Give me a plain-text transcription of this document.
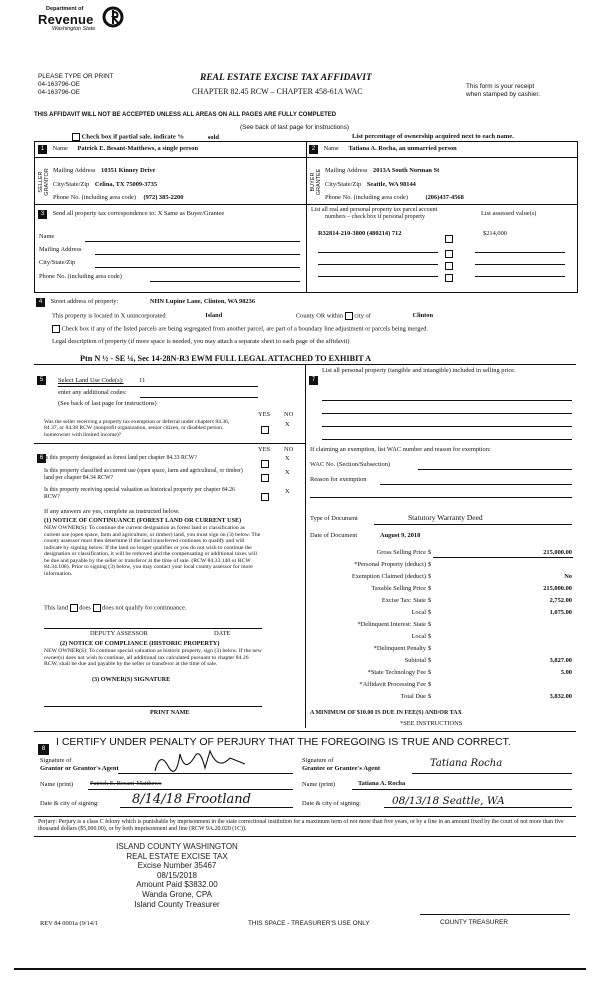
Department of
Revenue
Washington State
PLEASE TYPE OR PRINT
04-163796-OE
04-163796-OE
REAL ESTATE EXCISE TAX AFFIDAVIT
CHAPTER 82.45 RCW – CHAPTER 458-61A WAC
This form is your receipt
when stamped by cashier.
THIS AFFIDAVIT WILL NOT BE ACCEPTED UNLESS ALL AREAS ON ALL PAGES ARE FULLY COMPLETED
(See back of last page for instructions)
Check box if partial sale, indicate %	sold	List percentage of ownership acquired next to each name.
1 Name Patrick E. Besant-Matthews, a single person
SELLER GRANTOR Mailing Address 10351 Kinney Drive
City/State/Zip Celina, TX 75009-3735
Phone No. (including area code) (972) 385-2200
2 Name Tatiana A. Rocha, an unmarried person
BUYER GRANTEE Mailing Address 2013A South Norman St
City/State/Zip Seattle, WA 98144
Phone No. (including area code)	(206)437-4568
3 Send all property tax correspondence to: X Same as Buyer/Grantee
Name
Mailing Address
City/State/Zip
Phone No. (including area code)
List all real and personal property tax parcel account
numbers – check box if personal property	List assessed value(s)
R32814-210-3800 (480214) 712	$214,000
4 Street address of property:	NHN Lupine Lane, Clinton, WA 98236
This property is located in X unincorporated	Island	County OR within city of	Clinton
Check box if any of the listed parcels are being segregated from another parcel, are part of a boundary line adjustment or parcels being merged.
Legal description of property (if more space is needed, you may attach a separate sheet to each page of the affidavit)
Ptn N ½ - SE ¼, Sec 14-28N-R3 EWM FULL LEGAL ATTACHED TO EXHIBIT A
5	Select Land Use Code(s): 11
enter any additional codes:
(See back of last page for instructions)
YES NO
Was the seller receiving a property tax exemption or deferral under chapters 84.36, 84.37, or 84.38 RCW (nonprofit organization, senior citizen, or disabled person, homeowner with limited income)?
X
6
YES NO
Is this property designated as forest land per chapter 84.33 RCW?	X
Is this property classified as current use (open space, farm and agricultural, or timber) land per chapter 84.34 RCW?
X
Is this property receiving special valuation as historical property per chapter 84.26 RCW?
X
If any answers are yes, complete as instructed below.
(1) NOTICE OF CONTINUANCE (FOREST LAND OR CURRENT USE)
NEW OWNER(S): To continue the current designation as forest land or classification as current use (open space, farm and agriculture, or timber) land, you must sign on (3) below. The county assessor must then determine if the land transferred continues to qualify and will indicate by signing below. If the land no longer qualifies or you do not wish to continue the designation or classification, it will be removed and the compensating or additional taxes will be due and payable by the seller or transferor at the time of sale. (RCW 84.33.140 or RCW 84.34.108). Prior to signing (3) below, you may contact your local county assessor for more information.
This land does does not qualify for continuance.
DEPUTY ASSESSOR	DATE
(2) NOTICE OF COMPLIANCE (HISTORIC PROPERTY)
NEW OWNER(S): To continue special valuation as historic property, sign (3) below. If the new owner(s) does not wish to continue, all additional tax calculated pursuant to chapter 84.26 RCW, shall be due and payable by the seller or transferor at the time of sale.
(3) OWNER(S) SIGNATURE
PRINT NAME
7
List all personal property (tangible and intangible) included in selling price.
If claiming an exemption, list WAC number and reason for exemption:
WAC No. (Section/Subsection)
Reason for exemption
Type of Document	Statutory Warranty Deed
Date of Document	August 9, 2018
Gross Selling Price $	215,000.00
*Personal Property (deduct) $
Exemption Claimed (deduct) $	No
Taxable Selling Price $	215,000.00
Excise Tax: State $	2,752.00
Local $	1,075.00
*Delinquent Interest: State $
Local $
*Delinquent Penalty $
Subtotal $	3,827.00
*State Technology Fee $	5.00
*Affidavit Processing Fee $
Total Due $	3,832.00
A MINIMUM OF $10.00 IS DUE IN FEE(S) AND/OR TAX
*SEE INSTRUCTIONS
8
I CERTIFY UNDER PENALTY OF PERJURY THAT THE FOREGOING IS TRUE AND CORRECT.
Signature of
Grantor or Grantor's Agent
Name (print)	Patrick E. Besant-Matthews
Date & city of signing:	8/14/18 Frootland
Signature of
Grantee or Grantee's Agent	Tatiana Rocha
Name (print)	Tatiana A. Rocha
Date & city of signing:	08/13/18 Seattle, WA
Perjury: Perjury is a class C felony which is punishable by imprisonment in the state correctional institution for a maximum term of not more than five years, or by a fine in an amount fixed by the court of not more than five thousand dollars ($5,000.00), or by both imprisonment and fine (RCW 9A.20.020 (1C)).
ISLAND COUNTY WASHINGTON
REAL ESTATE EXCISE TAX
Excise Number 35467
08/15/2018
Amount Paid $3832.00
Wanda Grone, CPA
Island County Treasurer
REV 84 0001a (9/14/1	THIS SPACE - TREASURER'S USE ONLY	COUNTY TREASURER
